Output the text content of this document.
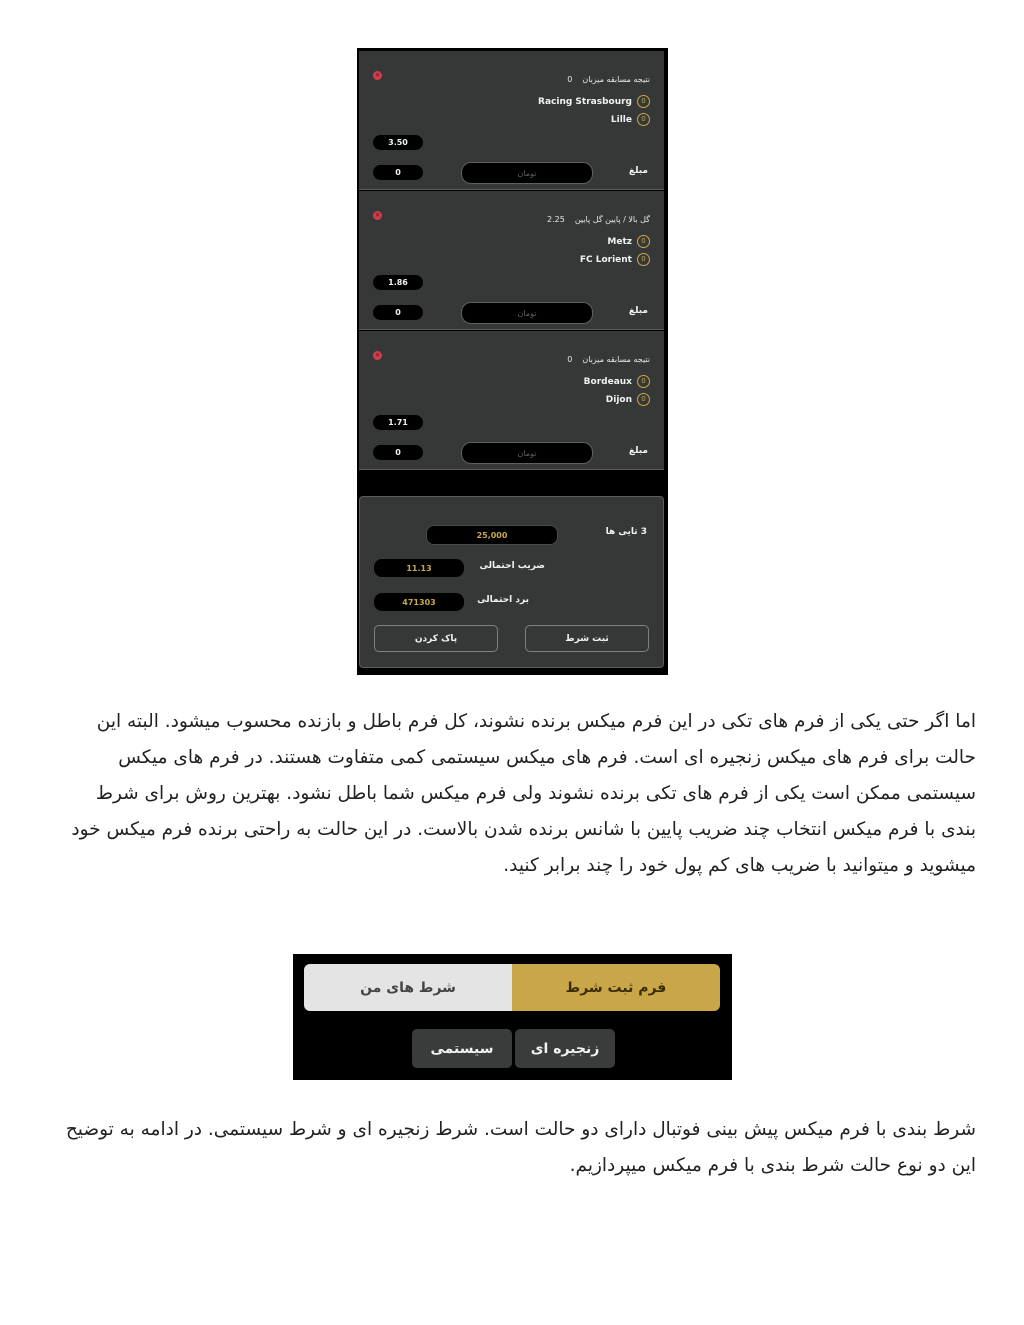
×	نتیجه مسابقه میزبان0
0
Racing Strasbourg
0
Lille
3.50
0	تومان	مبلغ
×	گل بالا / پایین گل پایین2.25
0
Metz
0
FC Lorient
1.86
0	تومان	مبلغ
×	نتیجه مسابقه میزبان0
0
Bordeaux
0
Dijon
1.71
0	تومان	مبلغ
3 تایی ها
25,000
ضریب احتمالی
11.13
برد احتمالی
471303
ثبت شرط
پاک کردن

اما اگر حتی یکی از فرم های تکی در این فرم میکس برنده نشوند، کل فرم باطل و بازنده محسوب میشود. البته این حالت برای فرم های میکس زنجیره ای است. فرم های میکس سیستمی کمی متفاوت هستند. در فرم های میکس سیستمی ممکن است یکی از فرم های تکی برنده نشوند ولی فرم میکس شما باطل نشود. بهترین روش برای شرط بندی با فرم میکس انتخاب چند ضریب پایین با شانس برنده شدن بالاست. در این حالت به راحتی برنده فرم میکس خود میشوید و میتوانید با ضریب های کم پول خود را چند برابر کنید.

فرم ثبت شرط
شرط های من
زنجیره ای
سیستمی

شرط بندی با فرم میکس پیش بینی فوتبال دارای دو حالت است. شرط زنجیره ای و شرط سیستمی. در ادامه به توضیح این دو نوع حالت شرط بندی با فرم میکس میپردازیم.
